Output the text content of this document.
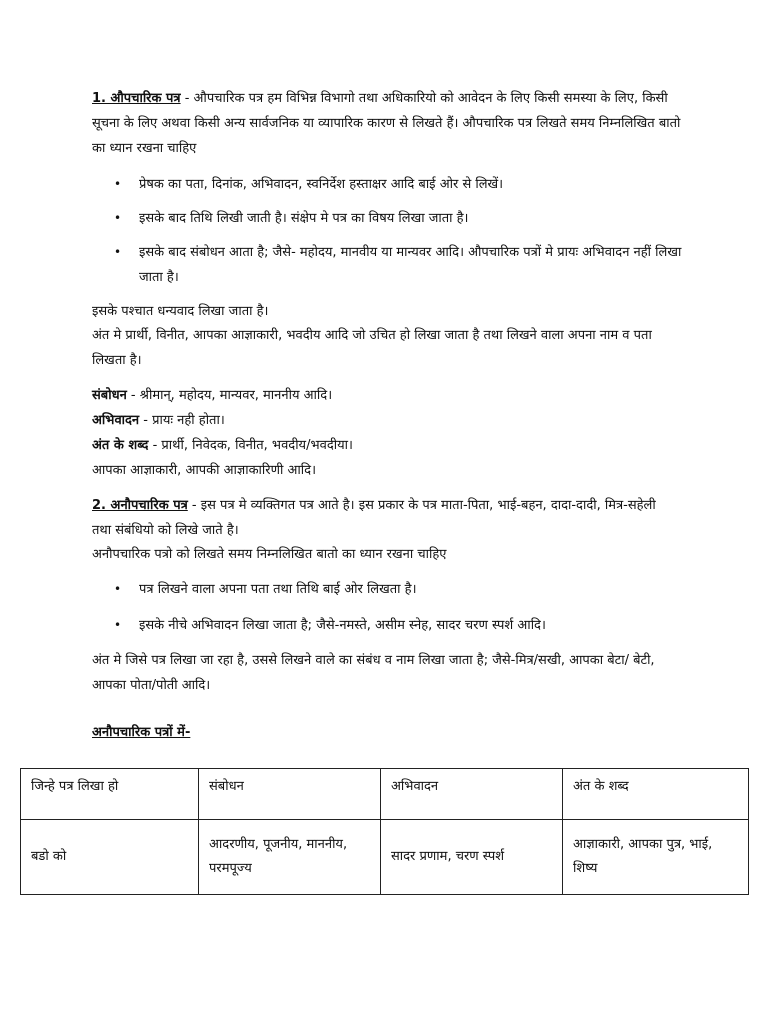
1. औपचारिक पत्र - औपचारिक पत्र हम विभिन्न विभागो तथा अधिकारियो को आवेदन के लिए किसी समस्या के लिए, किसी सूचना के लिए अथवा किसी अन्य सार्वजनिक या व्यापारिक कारण से लिखते हैं। औपचारिक पत्र लिखते समय निम्नलिखित बातो का ध्यान रखना चाहिए
• प्रेषक का पता, दिनांक, अभिवादन, स्वनिर्देश हस्ताक्षर आदि बाई ओर से लिखें।
• इसके बाद तिथि लिखी जाती है। संक्षेप मे पत्र का विषय लिखा जाता है।
• इसके बाद संबोधन आता है; जैसे- महोदय, मानवीय या मान्यवर आदि। औपचारिक पत्रों मे प्रायः अभिवादन नहीं लिखा जाता है।
इसके पश्चात धन्यवाद लिखा जाता है।
अंत मे प्रार्थी, विनीत, आपका आज्ञाकारी, भवदीय आदि जो उचित हो लिखा जाता है तथा लिखने वाला अपना नाम व पता लिखता है।
संबोधन - श्रीमान्, महोदय, मान्यवर, माननीय आदि।
अभिवादन - प्रायः नही होता।
अंत के शब्द - प्रार्थी, निवेदक, विनीत, भवदीय/भवदीया।
आपका आज्ञाकारी, आपकी आज्ञाकारिणी आदि।
2. अनौपचारिक पत्र - इस पत्र मे व्यक्तिगत पत्र आते है। इस प्रकार के पत्र माता-पिता, भाई-बहन, दादा-दादी, मित्र-सहेली तथा संबंधियो को लिखे जाते है।
अनौपचारिक पत्रो को लिखते समय निम्नलिखित बातो का ध्यान रखना चाहिए
• पत्र लिखने वाला अपना पता तथा तिथि बाई ओर लिखता है।
• इसके नीचे अभिवादन लिखा जाता है; जैसे-नमस्ते, असीम स्नेह, सादर चरण स्पर्श आदि।
अंत मे जिसे पत्र लिखा जा रहा है, उससे लिखने वाले का संबंध व नाम लिखा जाता है; जैसे-मित्र/सखी, आपका बेटा/ बेटी, आपका पोता/पोती आदि।
अनौपचारिक पत्रों में-
जिन्हे पत्र लिखा हो	संबोधन	अभिवादन	अंत के शब्द
बडो को	आदरणीय, पूजनीय, माननीय, परमपूज्य	सादर प्रणाम, चरण स्पर्श	आज्ञाकारी, आपका पुत्र, भाई, शिष्य
